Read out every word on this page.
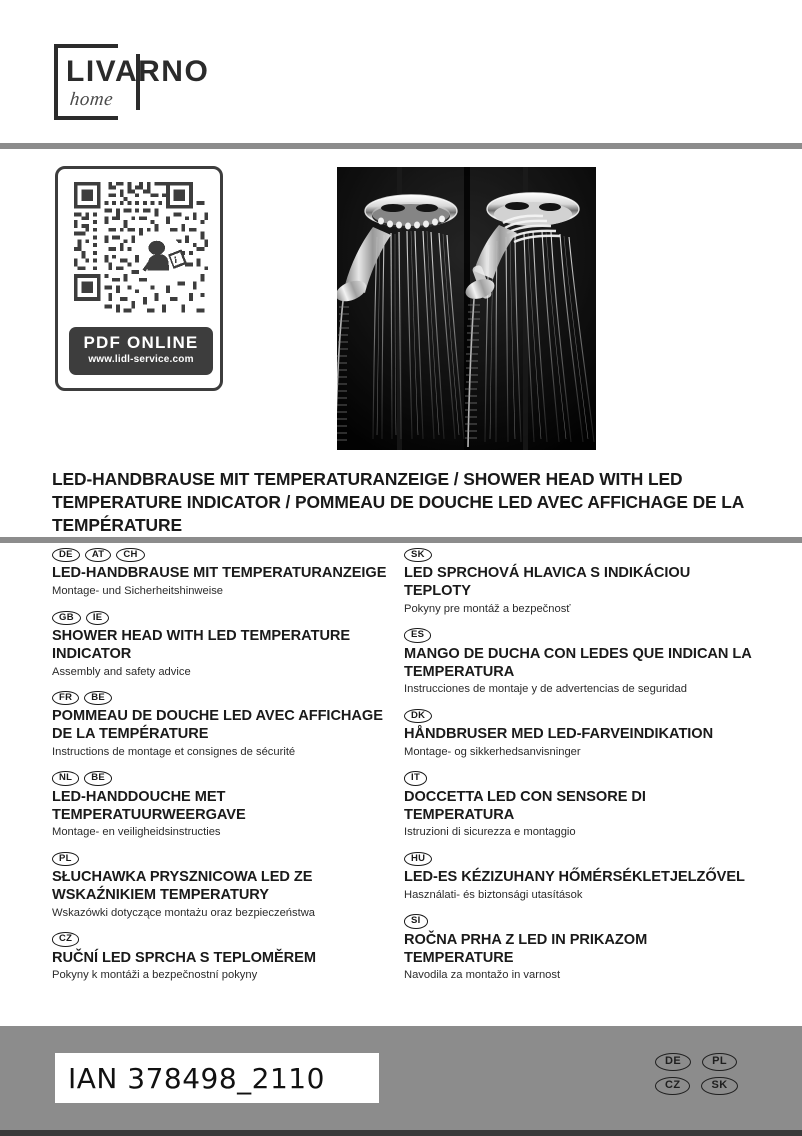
LIVARNO
home
PDF ONLINE
www.lidl-service.com
LED-HANDBRAUSE MIT TEMPERATURANZEIGE / SHOWER HEAD WITH LED TEMPERATURE INDICATOR / POMMEAU DE DOUCHE LED AVEC AFFICHAGE DE LA TEMPÉRATURE
DE AT CH
LED-HANDBRAUSE MIT TEMPERATURANZEIGE
Montage- und Sicherheitshinweise
GB IE
SHOWER HEAD WITH LED TEMPERATURE INDICATOR
Assembly and safety advice
FR BE
POMMEAU DE DOUCHE LED AVEC AFFICHAGE DE LA TEMPÉRATURE
Instructions de montage et consignes de sécurité
NL BE
LED-HANDDOUCHE MET TEMPERATUURWEERGAVE
Montage- en veiligheidsinstructies
PL
SŁUCHAWKA PRYSZNICOWA LED ZE WSKAŹNIKIEM TEMPERATURY
Wskazówki dotyczące montażu oraz bezpieczeństwa
CZ
RUČNÍ LED SPRCHA S TEPLOMĚREM
Pokyny k montáži a bezpečnostní pokyny
SK
LED SPRCHOVÁ HLAVICA S INDIKÁCIOU TEPLOTY
Pokyny pre montáž a bezpečnosť
ES
MANGO DE DUCHA CON LEDES QUE INDICAN LA TEMPERATURA
Instrucciones de montaje y de advertencias de seguridad
DK
HÅNDBRUSER MED LED-FARVEINDIKATION
Montage- og sikkerhedsanvisninger
IT
DOCCETTA LED CON SENSORE DI TEMPERATURA
Istruzioni di sicurezza e montaggio
HU
LED-ES KÉZIZUHANY HŐMÉRSÉKLETJELZŐVEL
Használati- és biztonsági utasítások
SI
ROČNA PRHA Z LED IN PRIKAZOM TEMPERATURE
Navodila za montažo in varnost
IAN 378498_2110
DE	PL
CZ	SK
